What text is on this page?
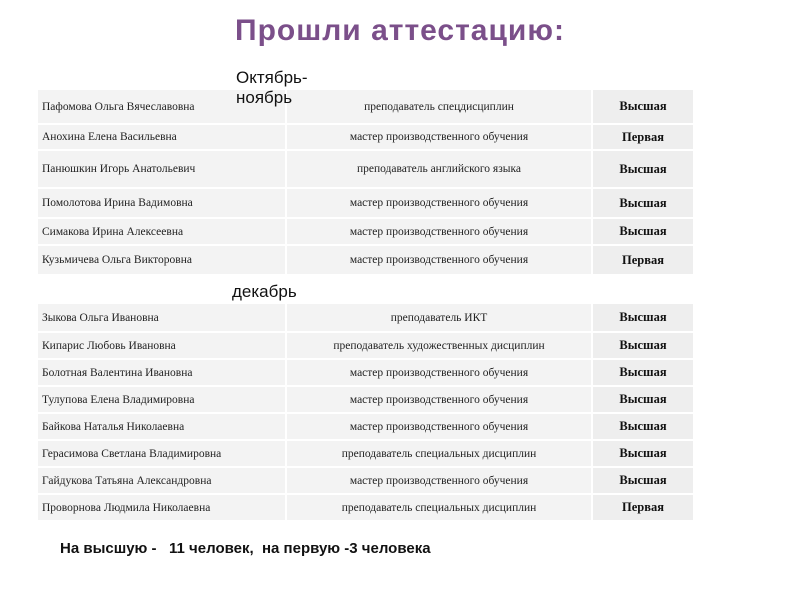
Прошли аттестацию:
Пафомова Ольга Вячеславовна	преподаватель спецдисциплин	Высшая
Анохина Елена Васильевна	мастер производственного обучения	Первая
Панюшкин Игорь Анатольевич	преподаватель английского языка	Высшая
Помолотова Ирина Вадимовна	мастер производственного обучения	Высшая
Симакова Ирина Алексеевна	мастер производственного обучения	Высшая
Кузьмичева Ольга Викторовна	мастер производственного обучения	Первая
Зыкова Ольга Ивановна	преподаватель ИКТ	Высшая
Кипарис Любовь Ивановна	преподаватель художественных дисциплин	Высшая
Болотная Валентина Ивановна	мастер производственного обучения	Высшая
Тулупова Елена Владимировна	мастер производственного обучения	Высшая
Байкова Наталья Николаевна	мастер производственного обучения	Высшая
Герасимова Светлана Владимировна	преподаватель специальных дисциплин	Высшая
Гайдукова Татьяна Александровна	мастер производственного обучения	Высшая
Проворнова Людмила Николаевна	преподаватель специальных дисциплин	Первая
Октябрь-ноябрь
декабрь
На высшую -   11 человек,  на первую -3 человека
